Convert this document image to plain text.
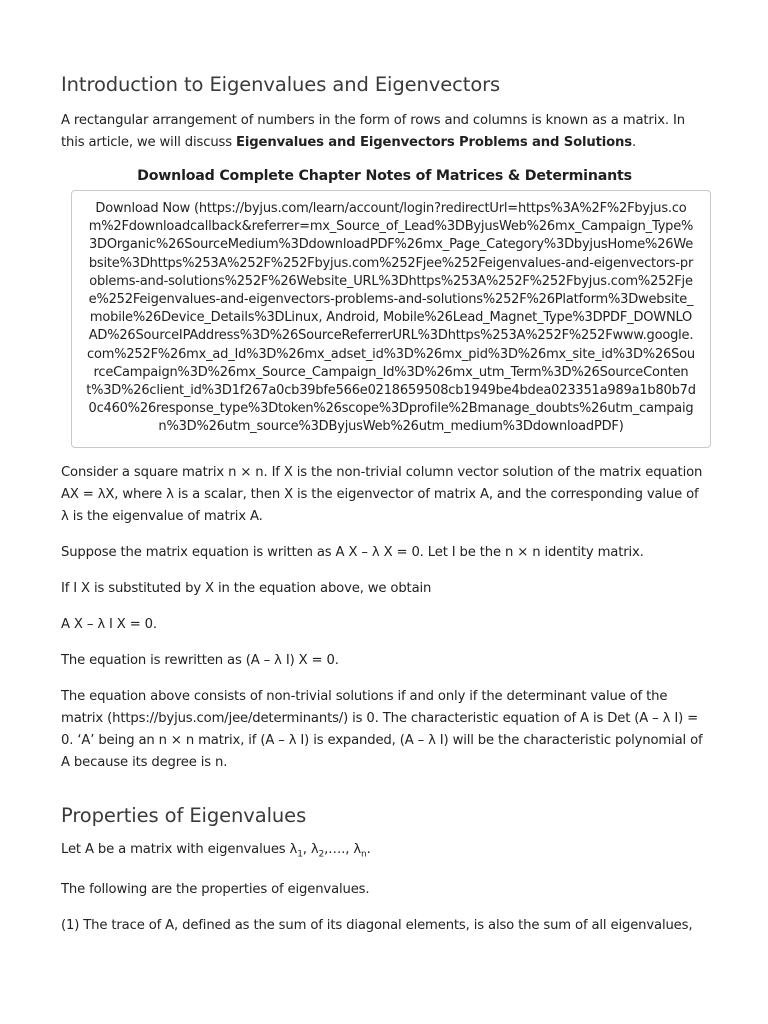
Introduction to Eigenvalues and Eigenvectors

A rectangular arrangement of numbers in the form of rows and columns is known as a matrix. In this article, we will discuss Eigenvalues and Eigenvectors Problems and Solutions.

Download Complete Chapter Notes of Matrices & Determinants
Download Now (https://byjus.com/learn/account/login?redirectUrl=https%3A%2F%2Fbyjus.com%2Fdownloadcallback&referrer=mx_Source_of_Lead%3DByjusWeb%26mx_Campaign_Type%3DOrganic%26SourceMedium%3DdownloadPDF%26mx_Page_Category%3DbyjusHome%26Website%3Dhttps%253A%252F%252Fbyjus.com%252Fjee%252Feigenvalues-and-eigenvectors-problems-and-solutions%252F%26Website_URL%3Dhttps%253A%252F%252Fbyjus.com%252Fjee%252Feigenvalues-and-eigenvectors-problems-and-solutions%252F%26Platform%3Dwebsite_mobile%26Device_Details%3DLinux, Android, Mobile%26Lead_Magnet_Type%3DPDF_DOWNLOAD%26SourceIPAddress%3D%26SourceReferrerURL%3Dhttps%253A%252F%252Fwww.google.com%252F%26mx_ad_Id%3D%26mx_adset_id%3D%26mx_pid%3D%26mx_site_id%3D%26SourceCampaign%3D%26mx_Source_Campaign_Id%3D%26mx_utm_Term%3D%26SourceContent%3D%26client_id%3D1f267a0cb39bfe566e0218659508cb1949be4bdea023351a989a1b80b7d0c460%26response_type%3Dtoken%26scope%3Dprofile%2Bmanage_doubts%26utm_campaign%3D%26utm_source%3DByjusWeb%26utm_medium%3DdownloadPDF)

Consider a square matrix n × n. If X is the non-trivial column vector solution of the matrix equation AX = λX, where λ is a scalar, then X is the eigenvector of matrix A, and the corresponding value of λ is the eigenvalue of matrix A.

Suppose the matrix equation is written as A X – λ X = 0. Let I be the n × n identity matrix.

If I X is substituted by X in the equation above, we obtain

A X – λ I X = 0.

The equation is rewritten as (A – λ I) X = 0.

The equation above consists of non-trivial solutions if and only if the determinant value of the matrix (https://byjus.com/jee/determinants/) is 0. The characteristic equation of A is Det (A – λ I) = 0. ‘A’ being an n × n matrix, if (A – λ I) is expanded, (A – λ I) will be the characteristic polynomial of A because its degree is n.

Properties of Eigenvalues

Let A be a matrix with eigenvalues $\lambda_1$, $\lambda_2,\dots$., $\lambda_n$.

The following are the properties of eigenvalues.

(1) The trace of A, defined as the sum of its diagonal elements, is also the sum of all eigenvalues,
